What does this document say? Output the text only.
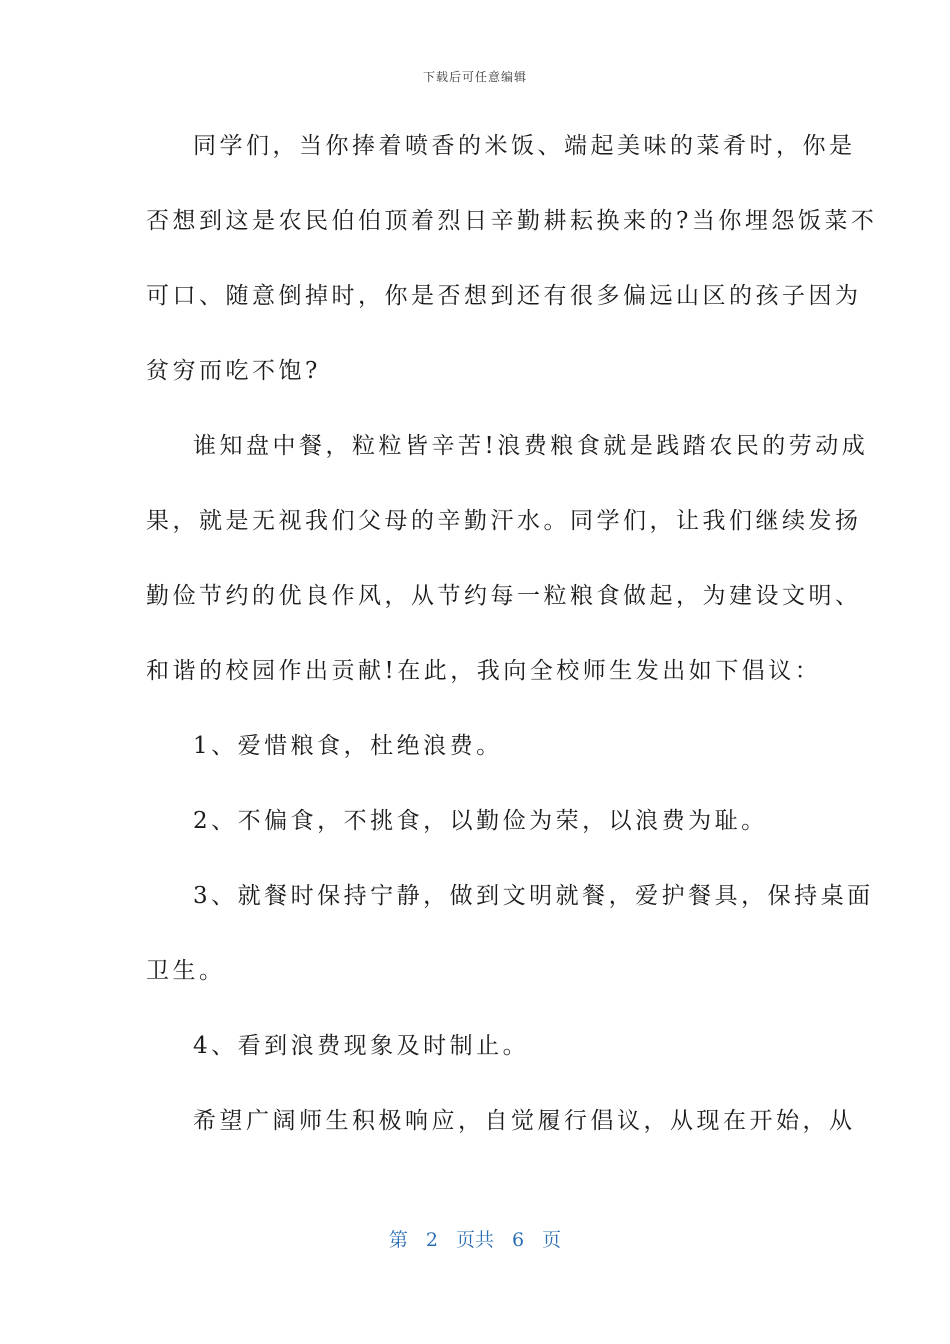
下载后可任意编辑
同学们，当你捧着喷香的米饭、端起美味的菜肴时，你是
否想到这是农民伯伯顶着烈日辛勤耕耘换来的?当你埋怨饭菜不
可口、随意倒掉时，你是否想到还有很多偏远山区的孩子因为
贫穷而吃不饱?
谁知盘中餐，粒粒皆辛苦!浪费粮食就是践踏农民的劳动成
果，就是无视我们父母的辛勤汗水。同学们，让我们继续发扬
勤俭节约的优良作风，从节约每一粒粮食做起，为建设文明、
和谐的校园作出贡献!在此，我向全校师生发出如下倡议：
1、爱惜粮食，杜绝浪费。
2、不偏食，不挑食，以勤俭为荣，以浪费为耻。
3、就餐时保持宁静，做到文明就餐，爱护餐具，保持桌面
卫生。
4、看到浪费现象及时制止。
希望广阔师生积极响应，自觉履行倡议，从现在开始，从
第 2 页共 6 页
